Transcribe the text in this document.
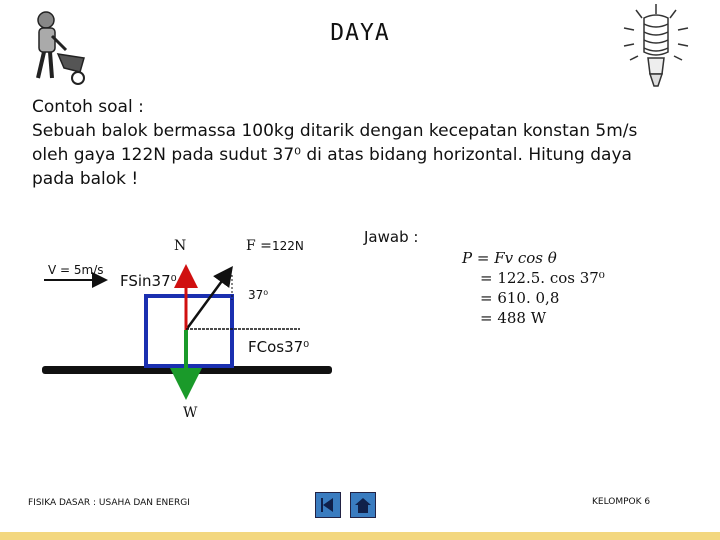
DAYA

Contoh soal :

Sebuah balok bermassa 100kg ditarik dengan kecepatan konstan 5m/s

oleh gaya 122N pada sudut 37⁰ di atas bidang horizontal. Hitung daya

pada balok !

N	F = 122N
V = 5m/s
FSin37⁰
37⁰
FCos37⁰
W
Jawab :
P = Fv cos θ
= 122.5. cos 37⁰
= 610. 0,8
= 488 W
FISIKA DASAR : USAHA DAN ENERGI	KELOMPOK 6
